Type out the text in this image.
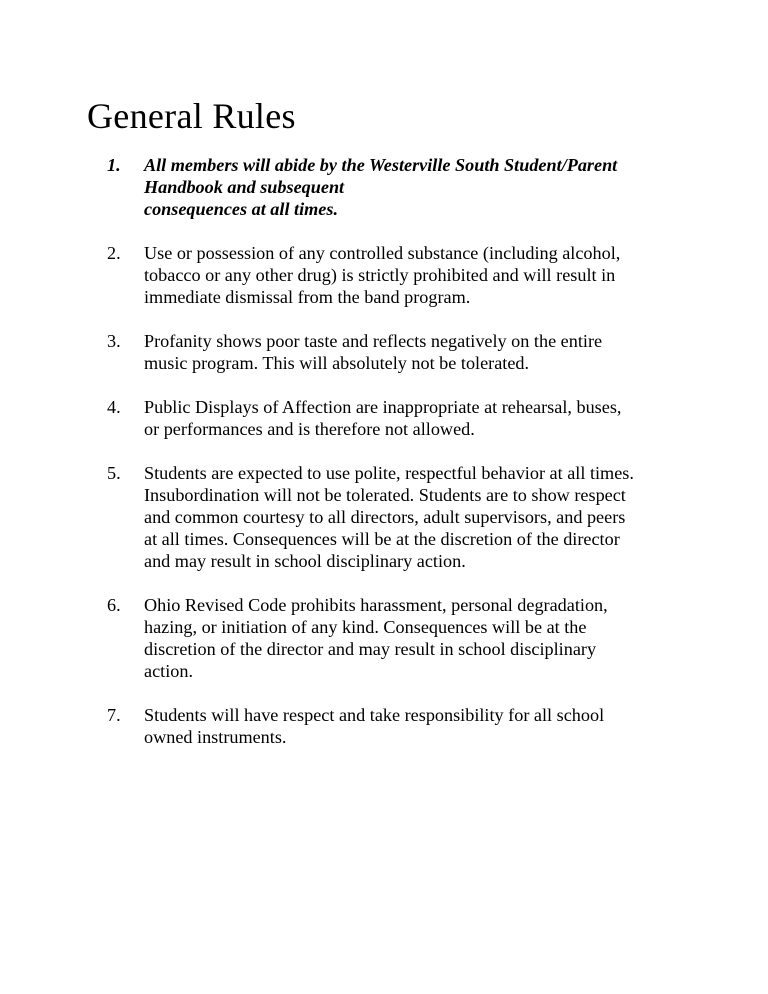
General Rules
1. All members will abide by the Westerville South Student/Parent
Handbook and subsequent
consequences at all times.
2. Use or possession of any controlled substance (including alcohol,
tobacco or any other drug) is strictly prohibited and will result in
immediate dismissal from the band program.
3. Profanity shows poor taste and reflects negatively on the entire
music program. This will absolutely not be tolerated.
4. Public Displays of Affection are inappropriate at rehearsal, buses,
or performances and is therefore not allowed.
5. Students are expected to use polite, respectful behavior at all times.
Insubordination will not be tolerated. Students are to show respect
and common courtesy to all directors, adult supervisors, and peers
at all times. Consequences will be at the discretion of the director
and may result in school disciplinary action.
6. Ohio Revised Code prohibits harassment, personal degradation,
hazing, or initiation of any kind. Consequences will be at the
discretion of the director and may result in school disciplinary
action.
7. Students will have respect and take responsibility for all school
owned instruments.
